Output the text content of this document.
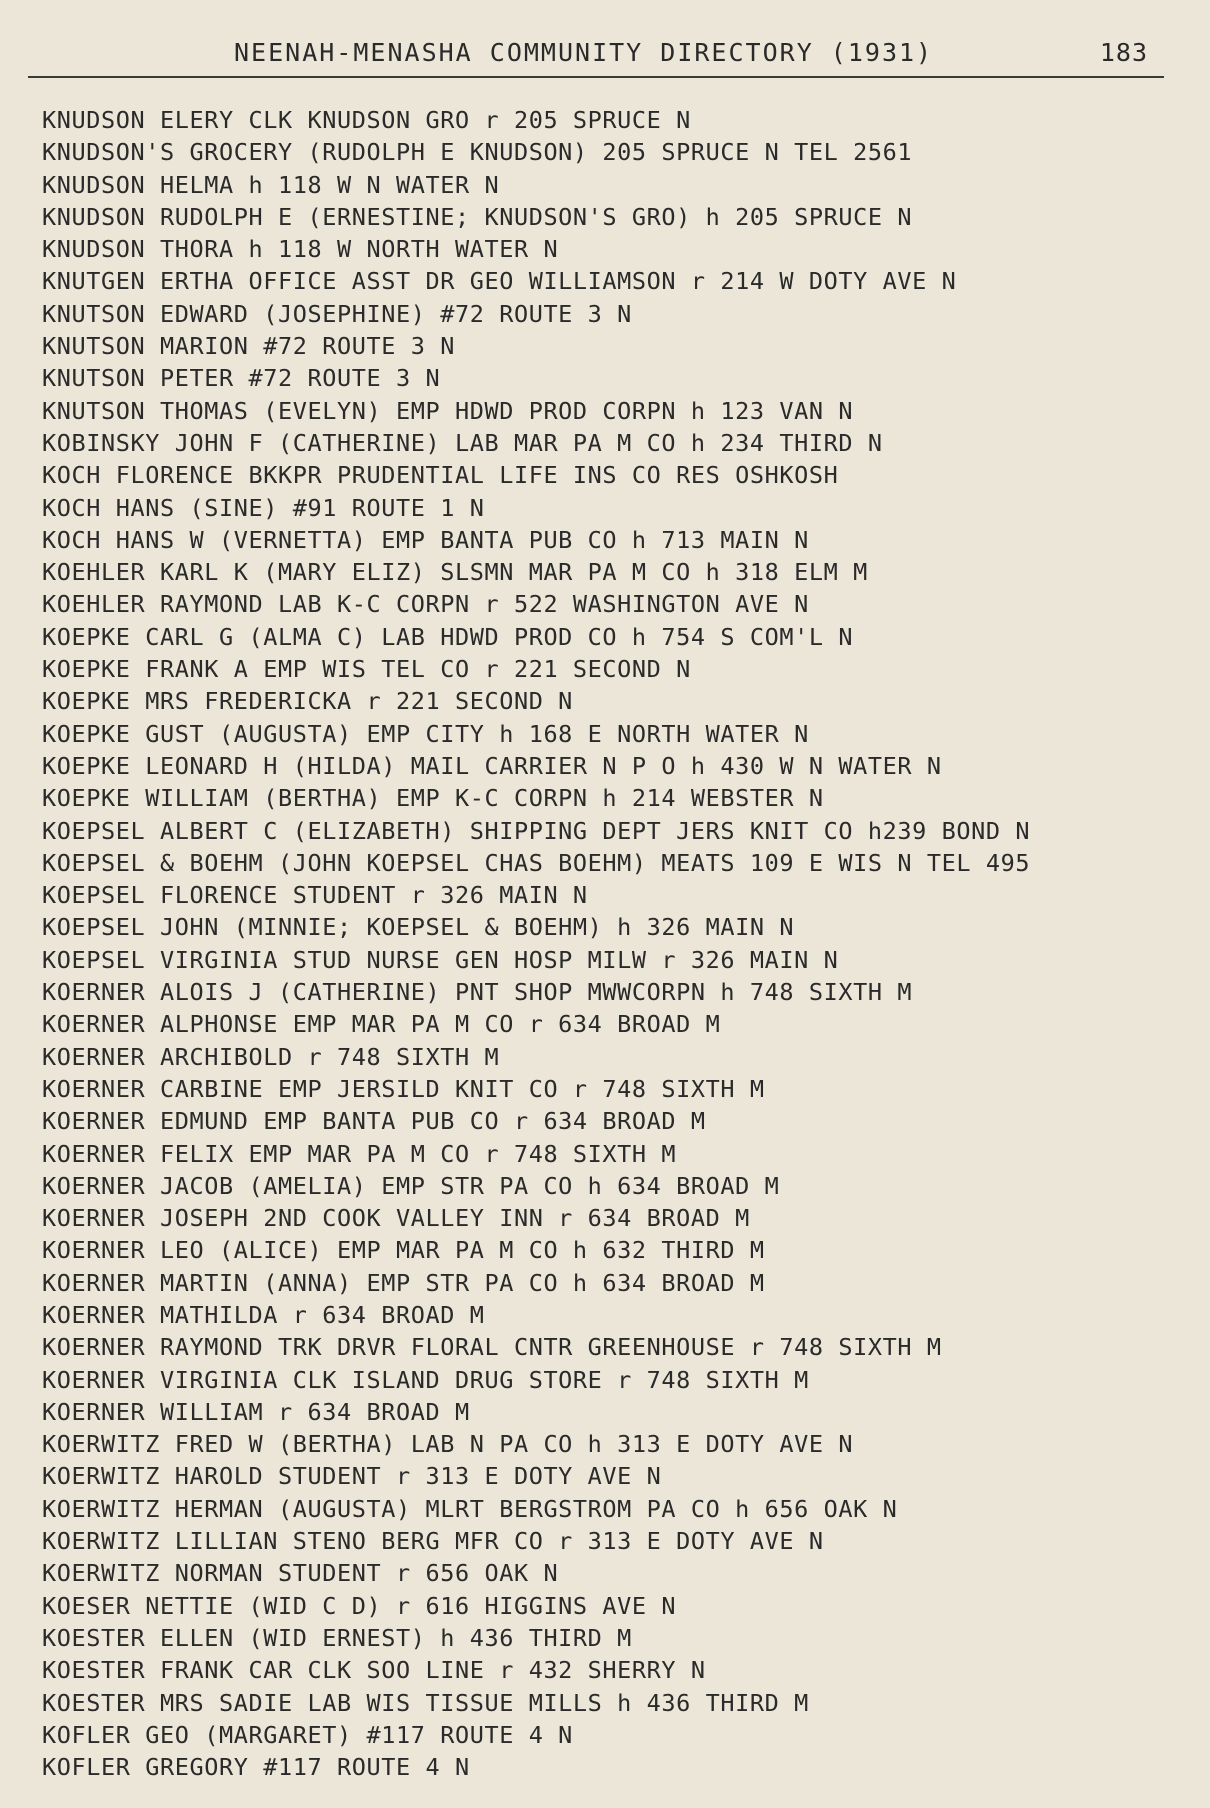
NEENAH-MENASHA COMMUNITY DIRECTORY (1931)	183
KNUDSON ELERY CLK KNUDSON GRO r 205 SPRUCE N
KNUDSON'S GROCERY (RUDOLPH E KNUDSON) 205 SPRUCE N TEL 2561
KNUDSON HELMA h 118 W N WATER N
KNUDSON RUDOLPH E (ERNESTINE; KNUDSON'S GRO) h 205 SPRUCE N
KNUDSON THORA h 118 W NORTH WATER N
KNUTGEN ERTHA OFFICE ASST DR GEO WILLIAMSON r 214 W DOTY AVE N
KNUTSON EDWARD (JOSEPHINE) #72 ROUTE 3 N
KNUTSON MARION #72 ROUTE 3 N
KNUTSON PETER #72 ROUTE 3 N
KNUTSON THOMAS (EVELYN) EMP HDWD PROD CORPN h 123 VAN N
KOBINSKY JOHN F (CATHERINE) LAB MAR PA M CO h 234 THIRD N
KOCH FLORENCE BKKPR PRUDENTIAL LIFE INS CO RES OSHKOSH
KOCH HANS (SINE) #91 ROUTE 1 N
KOCH HANS W (VERNETTA) EMP BANTA PUB CO h 713 MAIN N
KOEHLER KARL K (MARY ELIZ) SLSMN MAR PA M CO h 318 ELM M
KOEHLER RAYMOND LAB K-C CORPN r 522 WASHINGTON AVE N
KOEPKE CARL G (ALMA C) LAB HDWD PROD CO h 754 S COM'L N
KOEPKE FRANK A EMP WIS TEL CO r 221 SECOND N
KOEPKE MRS FREDERICKA r 221 SECOND N
KOEPKE GUST (AUGUSTA) EMP CITY h 168 E NORTH WATER N
KOEPKE LEONARD H (HILDA) MAIL CARRIER N P O h 430 W N WATER N
KOEPKE WILLIAM (BERTHA) EMP K-C CORPN h 214 WEBSTER N
KOEPSEL ALBERT C (ELIZABETH) SHIPPING DEPT JERS KNIT CO h239 BOND N
KOEPSEL & BOEHM (JOHN KOEPSEL CHAS BOEHM) MEATS 109 E WIS N TEL 495
KOEPSEL FLORENCE STUDENT r 326 MAIN N
KOEPSEL JOHN (MINNIE; KOEPSEL & BOEHM) h 326 MAIN N
KOEPSEL VIRGINIA STUD NURSE GEN HOSP MILW r 326 MAIN N
KOERNER ALOIS J (CATHERINE) PNT SHOP MWWCORPN h 748 SIXTH M
KOERNER ALPHONSE EMP MAR PA M CO r 634 BROAD M
KOERNER ARCHIBOLD r 748 SIXTH M
KOERNER CARBINE EMP JERSILD KNIT CO r 748 SIXTH M
KOERNER EDMUND EMP BANTA PUB CO r 634 BROAD M
KOERNER FELIX EMP MAR PA M CO r 748 SIXTH M
KOERNER JACOB (AMELIA) EMP STR PA CO h 634 BROAD M
KOERNER JOSEPH 2ND COOK VALLEY INN r 634 BROAD M
KOERNER LEO (ALICE) EMP MAR PA M CO h 632 THIRD M
KOERNER MARTIN (ANNA) EMP STR PA CO h 634 BROAD M
KOERNER MATHILDA r 634 BROAD M
KOERNER RAYMOND TRK DRVR FLORAL CNTR GREENHOUSE r 748 SIXTH M
KOERNER VIRGINIA CLK ISLAND DRUG STORE r 748 SIXTH M
KOERNER WILLIAM r 634 BROAD M
KOERWITZ FRED W (BERTHA) LAB N PA CO h 313 E DOTY AVE N
KOERWITZ HAROLD STUDENT r 313 E DOTY AVE N
KOERWITZ HERMAN (AUGUSTA) MLRT BERGSTROM PA CO h 656 OAK N
KOERWITZ LILLIAN STENO BERG MFR CO r 313 E DOTY AVE N
KOERWITZ NORMAN STUDENT r 656 OAK N
KOESER NETTIE (WID C D) r 616 HIGGINS AVE N
KOESTER ELLEN (WID ERNEST) h 436 THIRD M
KOESTER FRANK CAR CLK SOO LINE r 432 SHERRY N
KOESTER MRS SADIE LAB WIS TISSUE MILLS h 436 THIRD M
KOFLER GEO (MARGARET) #117 ROUTE 4 N
KOFLER GREGORY #117 ROUTE 4 N
